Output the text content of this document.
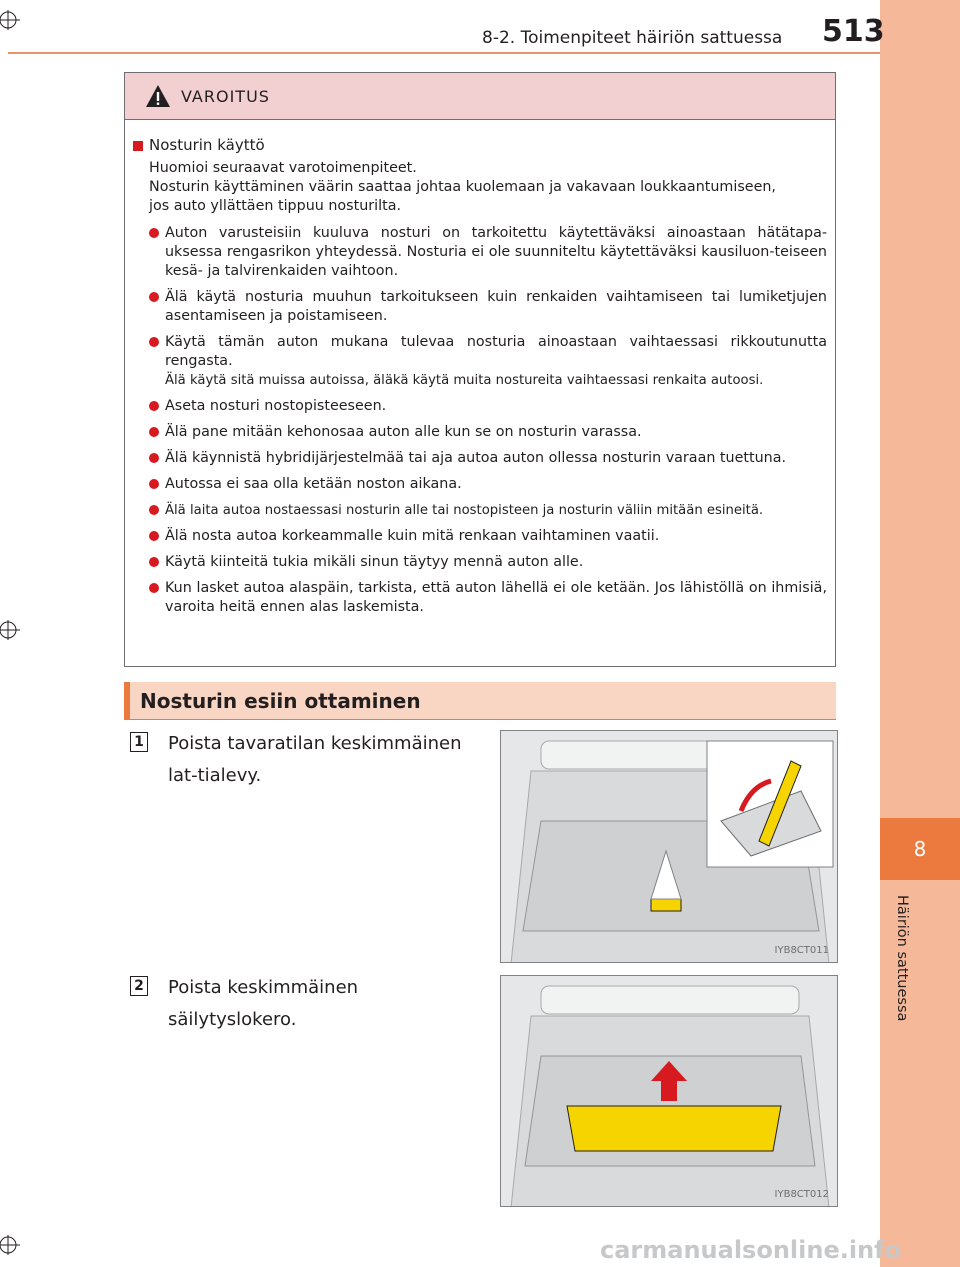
8
Häiriön sattuessa
8-2. Toimenpiteet häiriön sattuessa 513
VAROITUS
Nosturin käyttö
Huomioi seuraavat varotoimenpiteet.
Nosturin käyttäminen väärin saattaa johtaa kuolemaan ja vakavaan loukkaantumiseen,
jos auto yllättäen tippuu nosturilta.
Auton varusteisiin kuuluva nosturi on tarkoitettu käytettäväksi ainoastaan hätätapa-uksessa rengasrikon yhteydessä. Nosturia ei ole suunniteltu käytettäväksi kausiluon-teiseen kesä- ja talvirenkaiden vaihtoon.
Älä käytä nosturia muuhun tarkoitukseen kuin renkaiden vaihtamiseen tai lumiketjujen asentamiseen ja poistamiseen.
Käytä tämän auton mukana tulevaa nosturia ainoastaan vaihtaessasi rikkoutunutta rengasta.
Älä käytä sitä muissa autoissa, äläkä käytä muita nostureita vaihtaessasi renkaita autoosi.
Aseta nosturi nostopisteeseen.
Älä pane mitään kehonosaa auton alle kun se on nosturin varassa.
Älä käynnistä hybridijärjestelmää tai aja autoa auton ollessa nosturin varaan tuettuna.
Autossa ei saa olla ketään noston aikana.
Älä laita autoa nostaessasi nosturin alle tai nostopisteen ja nosturin väliin mitään esineitä.
Älä nosta autoa korkeammalle kuin mitä renkaan vaihtaminen vaatii.
Käytä kiinteitä tukia mikäli sinun täytyy mennä auton alle.
Kun lasket autoa alaspäin, tarkista, että auton lähellä ei ole ketään. Jos lähistöllä on ihmisiä, varoita heitä ennen alas laskemista.
Nosturin esiin ottaminen
1 Poista tavaratilan keskimmäinen lat-tialevy.
IYB8CT011
2 Poista keskimmäinen säilytyslokero.
IYB8CT012
carmanualsonline.info
